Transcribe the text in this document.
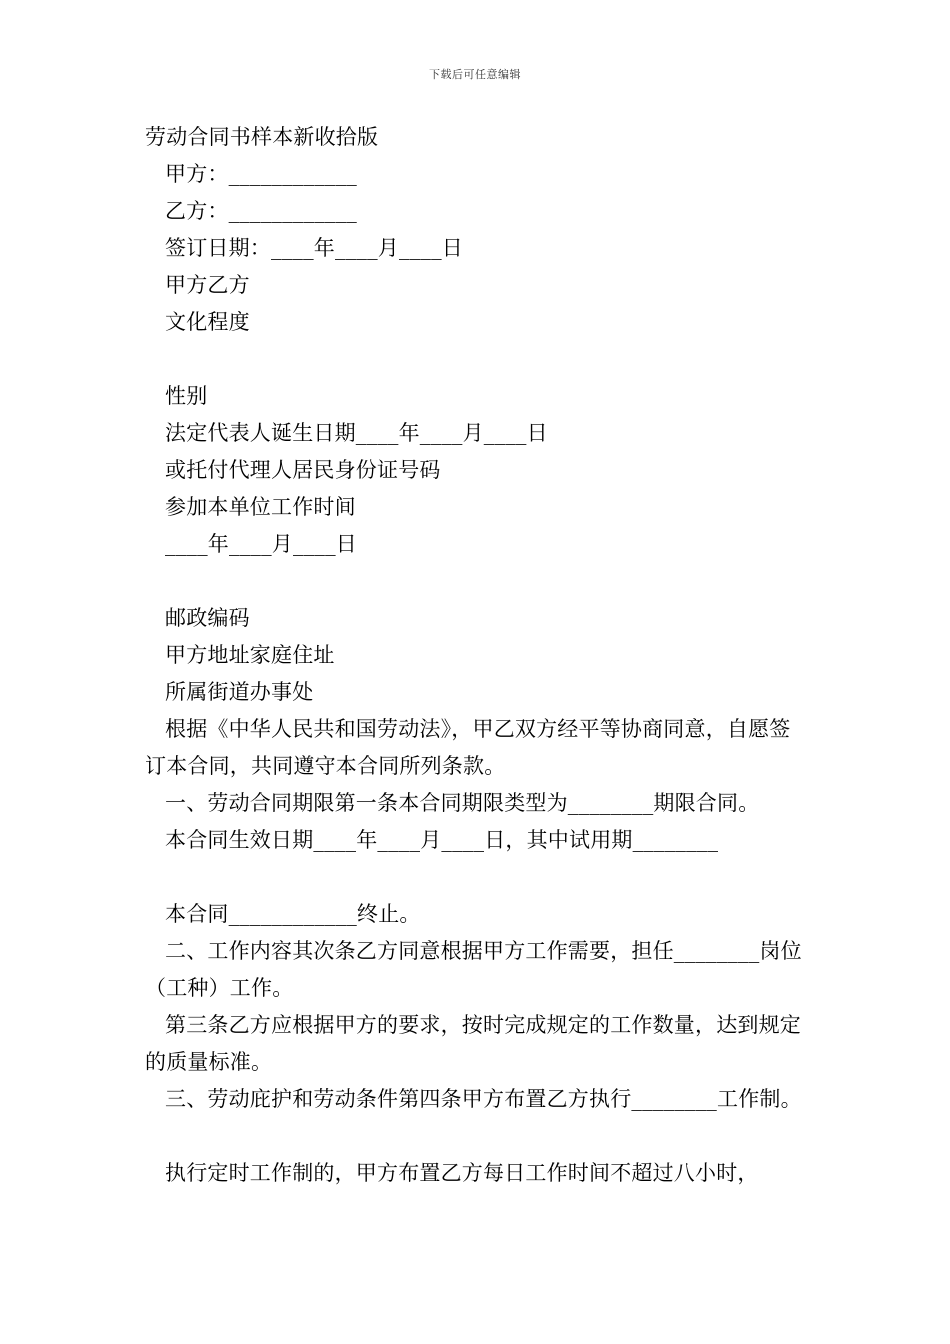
下载后可任意编辑
劳动合同书样本新收拾版
甲方：____________
乙方：____________
签订日期：____年____月____日
甲方乙方
文化程度
性别
法定代表人诞生日期____年____月____日
或托付代理人居民身份证号码
参加本单位工作时间
____年____月____日
邮政编码
甲方地址家庭住址
所属街道办事处
根据《中华人民共和国劳动法》，甲乙双方经平等协商同意，自愿签订本合同，共同遵守本合同所列条款。
一、劳动合同期限第一条本合同期限类型为________期限合同。
本合同生效日期____年____月____日，其中试用期________
本合同____________终止。
二、工作内容其次条乙方同意根据甲方工作需要，担任________岗位（工种）工作。
第三条乙方应根据甲方的要求，按时完成规定的工作数量，达到规定的质量标准。
三、劳动庇护和劳动条件第四条甲方布置乙方执行________工作制。
执行定时工作制的，甲方布置乙方每日工作时间不超过八小时，
